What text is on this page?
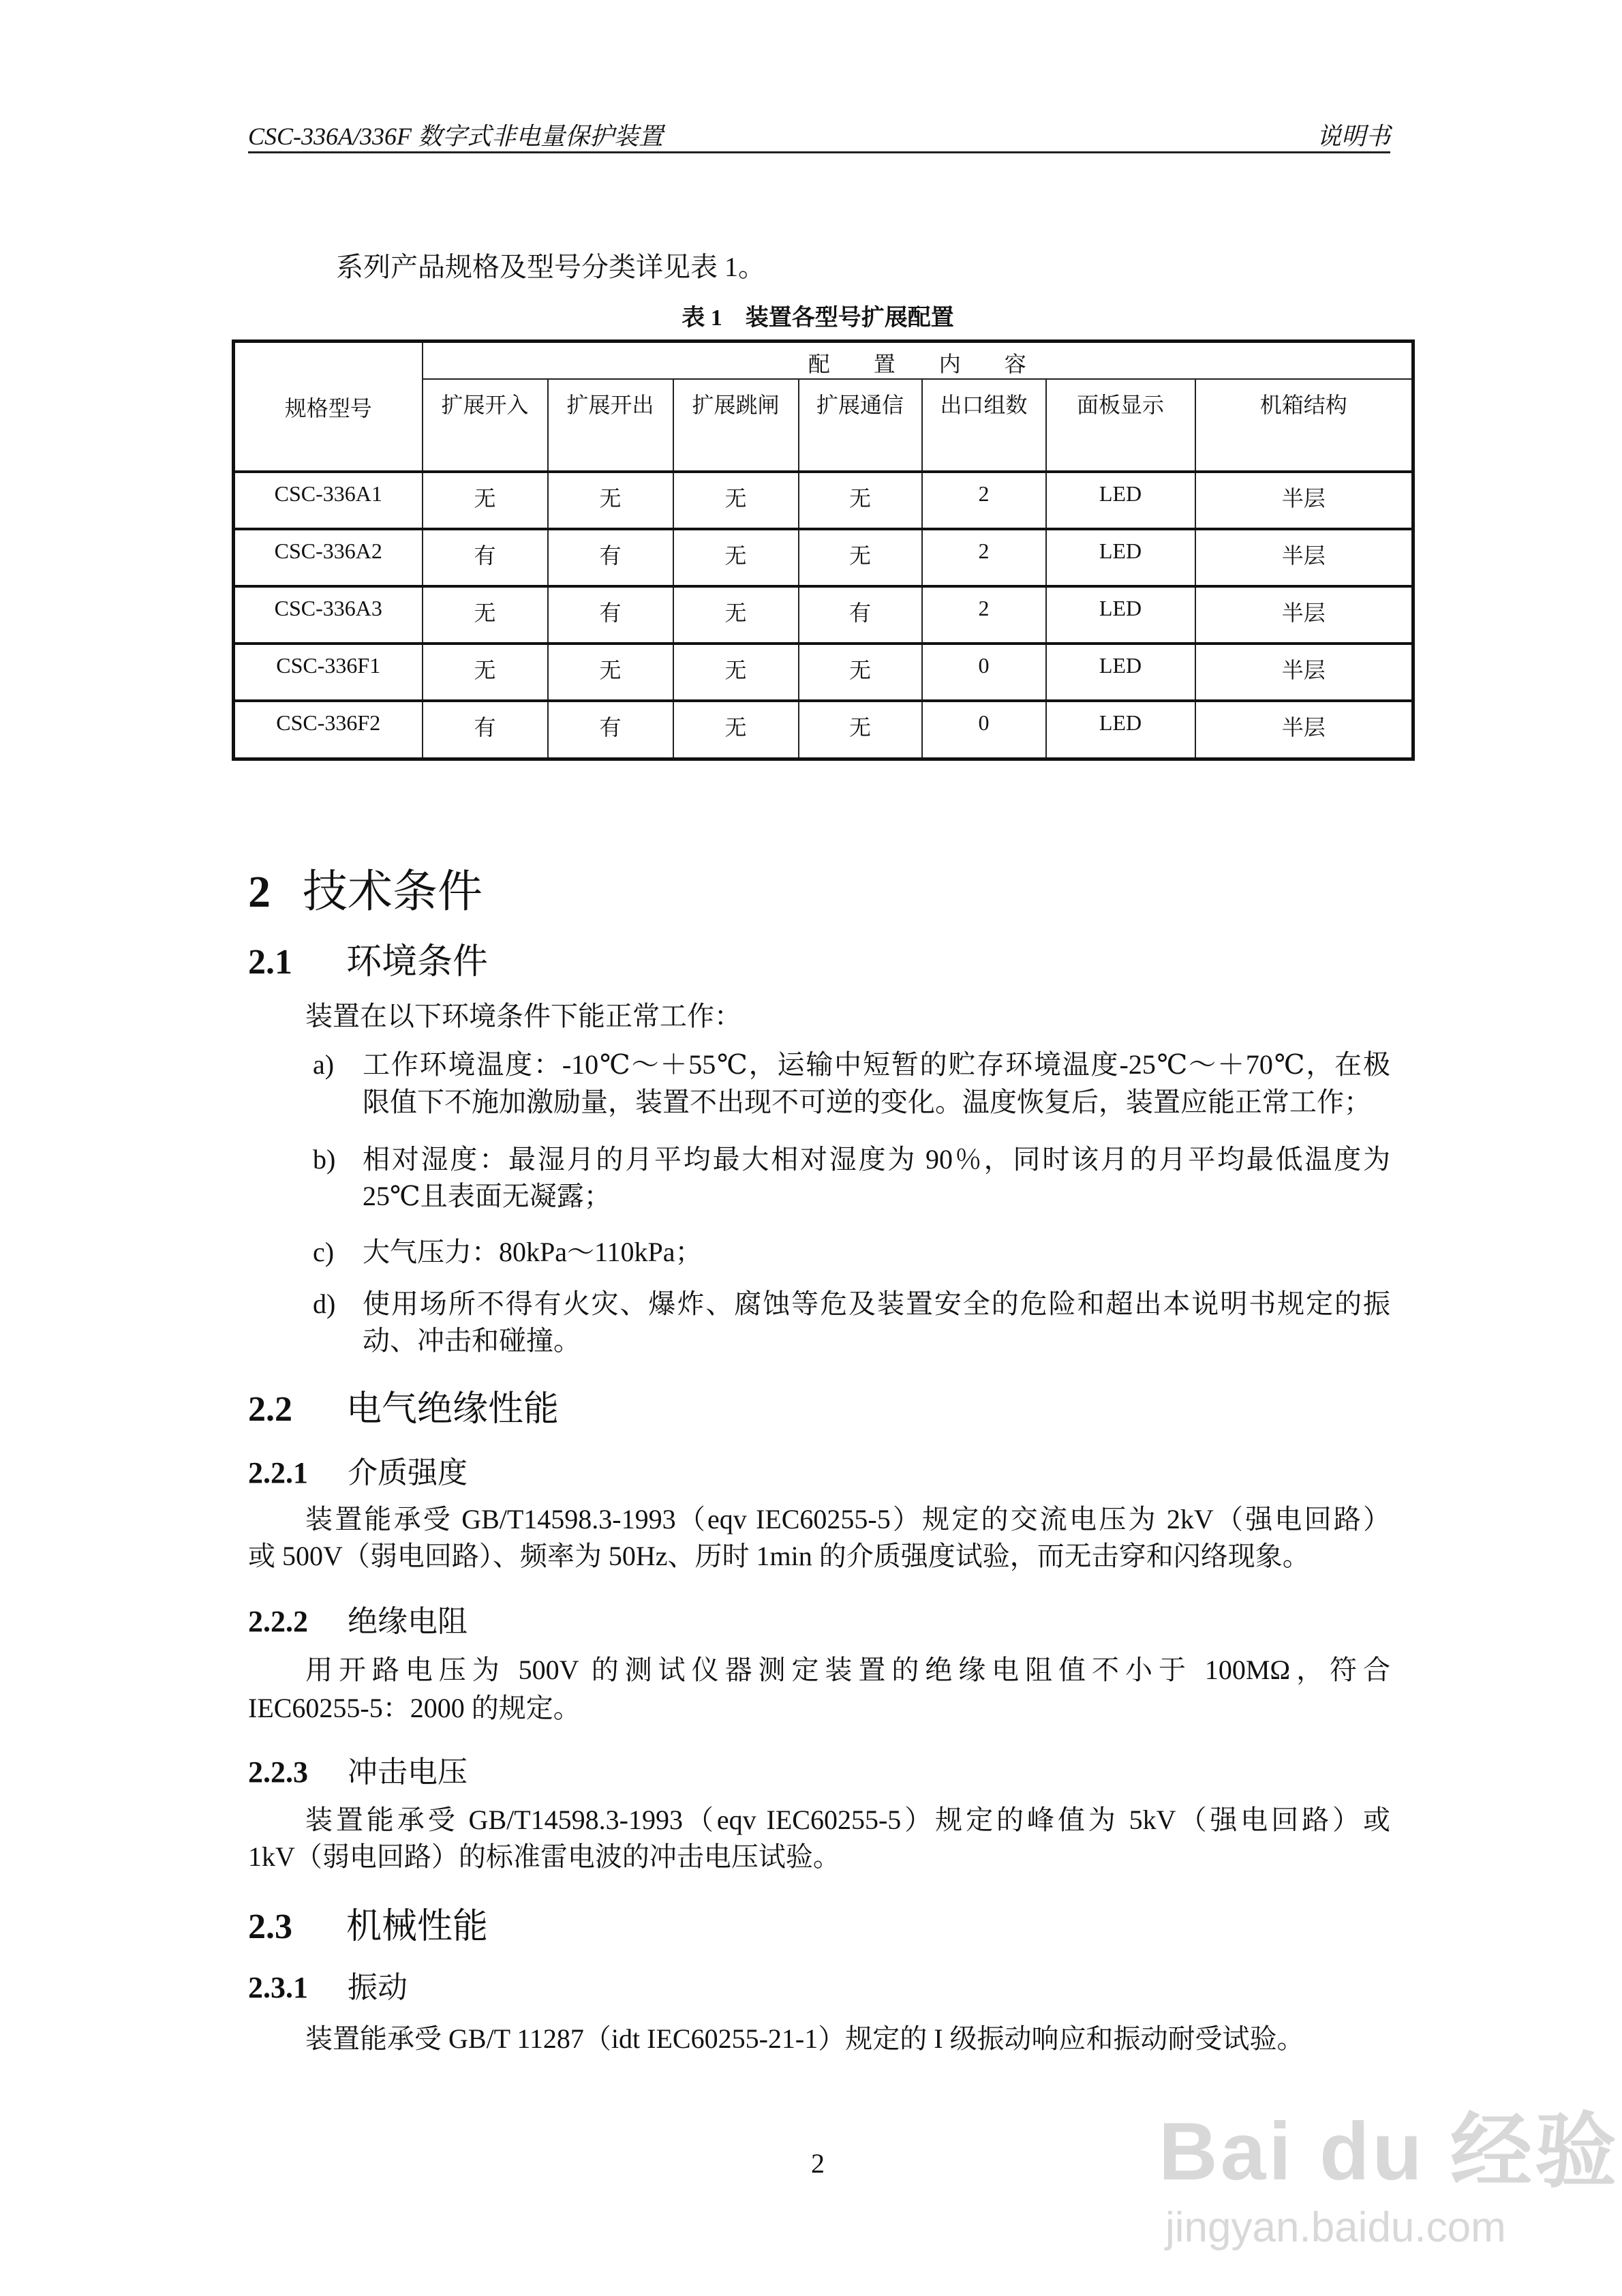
CSC-336A/336F 数字式非电量保护装置	说明书
系列产品规格及型号分类详见表 1。
表 1　装置各型号扩展配置
规格型号	配　　置　　内　　容						
	扩展开入	扩展开出	扩展跳闸	扩展通信	出口组数	面板显示	机箱结构
CSC-336A1	无	无	无	无	2	LED	半层
CSC-336A2	有	有	无	无	2	LED	半层
CSC-336A3	无	有	无	有	2	LED	半层
CSC-336F1	无	无	无	无	0	LED	半层
CSC-336F2	有	有	无	无	0	LED	半层
2 技术条件
2.1 环境条件
装置在以下环境条件下能正常工作：
a) 工作环境温度：-10℃～＋55℃，运输中短暂的贮存环境温度-25℃～＋70℃，在极
限值下不施加激励量，装置不出现不可逆的变化。温度恢复后，装置应能正常工作；
b) 相对湿度：最湿月的月平均最大相对湿度为 90％，同时该月的月平均最低温度为
25℃且表面无凝露；
c) 大气压力：80kPa～110kPa；
d) 使用场所不得有火灾、爆炸、腐蚀等危及装置安全的危险和超出本说明书规定的振
动、冲击和碰撞。
2.2 电气绝缘性能
2.2.1 介质强度
装置能承受 GB/T14598.3-1993（eqv IEC60255-5）规定的交流电压为 2kV（强电回路）
或 500V（弱电回路）、频率为 50Hz、历时 1min 的介质强度试验，而无击穿和闪络现象。
2.2.2 绝缘电阻
用开路电压为 500V 的测试仪器测定装置的绝缘电阻值不小于 100MΩ，符合
IEC60255-5：2000 的规定。
2.2.3 冲击电压
装置能承受 GB/T14598.3-1993（eqv IEC60255-5）规定的峰值为 5kV（强电回路）或
1kV（弱电回路）的标准雷电波的冲击电压试验。
2.3.1 振动
装置能承受 GB/T 11287（idt IEC60255-21-1）规定的 I 级振动响应和振动耐受试验。
2.3 机械性能
2	Bai du 经验
jingyan.baidu.com
